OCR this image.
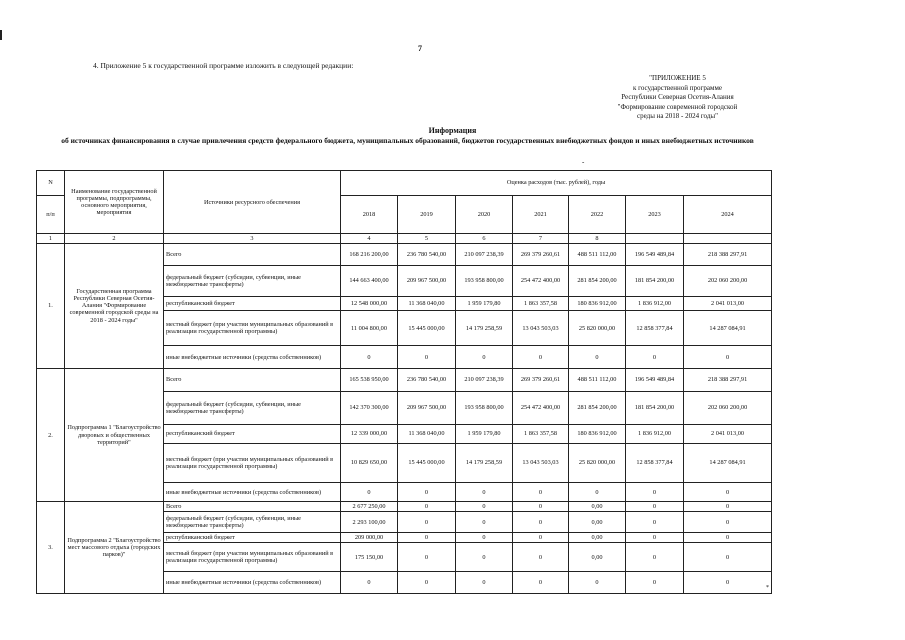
7
4. Приложение 5 к государственной программе изложить в следующей редакции:
"ПРИЛОЖЕНИЕ 5
к государственной программе
Республики Северная Осетия-Алания
"Формирование современной городской
среды на 2018 - 2024 годы"
Информация
об источниках финансирования в случае привлечения средств федерального бюджета, муниципальных образований, бюджетов государственных внебюджетных фондов и иных внебюджетных источников
-
N	Наименование государственной программы, подпрограммы, основного мероприятия, мероприятия	Источники ресурсного обеспечения	Оценка расходов (тыс. рублей), годы						
п/п			2018	2019	2020	2021	2022	2023	2024
1	2	3	4	5	6	7	8		
1.	Государственная программа Республики Северная Осетия-Алания "Формирование современной городской среды на 2018 - 2024 годы"	Всего	168 216 200,00	236 780 540,00	210 097 238,39	269 379 260,61	488 511 112,00	196 549 489,84	218 388 297,91
		федеральный бюджет (субсидии, субвенции, иные межбюджетные трансферты)	144 663 400,00	209 967 500,00	193 958 800,00	254 472 400,00	281 854 200,00	181 854 200,00	202 060 200,00
		республиканский бюджет	12 548 000,00	11 368 040,00	1 959 179,80	1 863 357,58	180 836 912,00	1 836 912,00	2 041 013,00
		местный бюджет (при участии муниципальных образований в реализации государственной программы)	11 004 800,00	15 445 000,00	14 179 258,59	13 043 503,03	25 820 000,00	12 858 377,84	14 287 084,91
		иные внебюджетные источники (средства собственников)	0	0	0	0	0	0	0
2.	Подпрограмма 1 "Благоустройство дворовых и общественных территорий"	Всего	165 538 950,00	236 780 540,00	210 097 238,39	269 379 260,61	488 511 112,00	196 549 489,84	218 388 297,91
		федеральный бюджет (субсидии, субвенции, иные межбюджетные трансферты)	142 370 300,00	209 967 500,00	193 958 800,00	254 472 400,00	281 854 200,00	181 854 200,00	202 060 200,00
		республиканский бюджет	12 339 000,00	11 368 040,00	1 959 179,80	1 863 357,58	180 836 912,00	1 836 912,00	2 041 013,00
		местный бюджет (при участии муниципальных образований в реализации государственной программы)	10 829 650,00	15 445 000,00	14 179 258,59	13 043 503,03	25 820 000,00	12 858 377,84	14 287 084,91
		иные внебюджетные источники (средства собственников)	0	0	0	0	0	0	0
3.	Подпрограмма 2 "Благоустройство мест массового отдыха (городских парков)"	Всего	2 677 250,00	0	0	0	0,00	0	0
		федеральный бюджет (субсидии, субвенции, иные межбюджетные трансферты)	2 293 100,00	0	0	0	0,00	0	0
		республиканский бюджет	209 000,00	0	0	0	0,00	0	0
		местный бюджет (при участии муниципальных образований в реализации государственной программы)	175 150,00	0	0	0	0,00	0	0
		иные внебюджетные источники (средства собственников)	0	0	0	0	0	0	0
*
